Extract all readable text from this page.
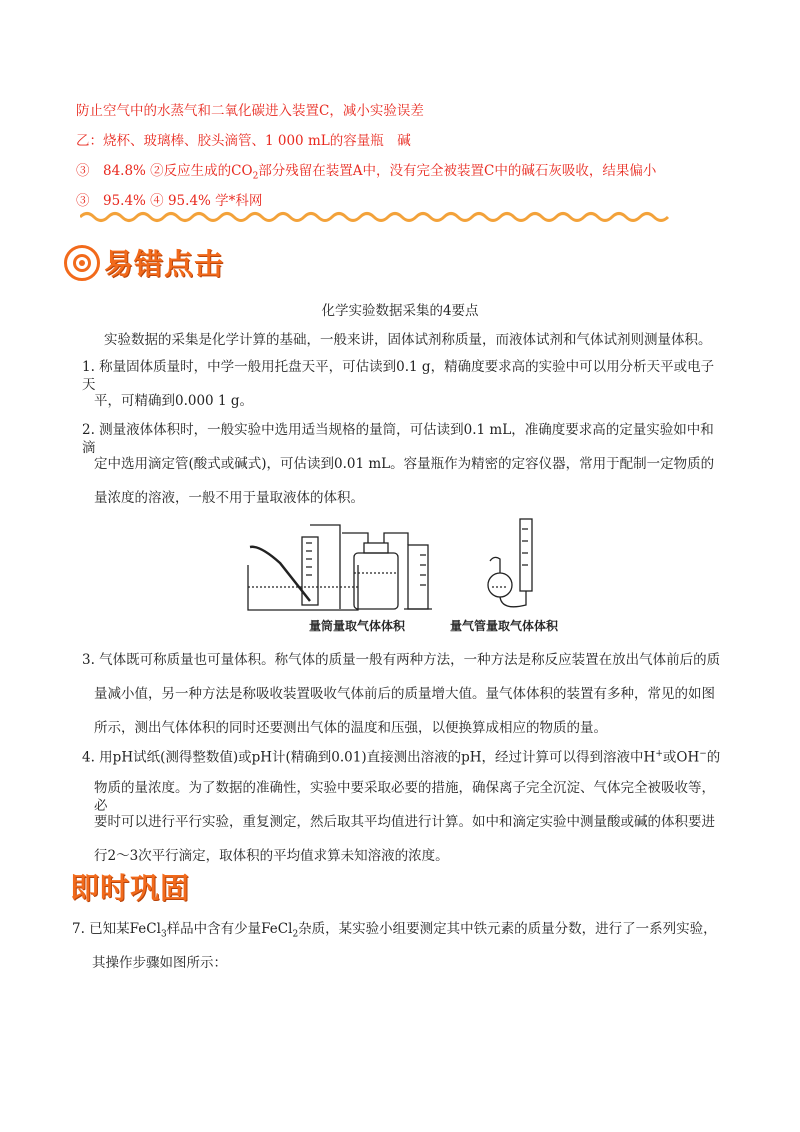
防止空气中的水蒸气和二氧化碳进入装置C，减小实验误差
乙：烧杯、玻璃棒、胶头滴管、1 000 mL的容量瓶　碱
③　84.8% ②反应生成的$CO_2$部分残留在装置A中，没有完全被装置C中的碱石灰吸收，结果偏小
③　95.4% ④ 95.4% 学*科网
易错点击
化学实验数据采集的4要点
实验数据的采集是化学计算的基础，一般来讲，固体试剂称质量，而液体试剂和气体试剂则测量体积。
1. 称量固体质量时，中学一般用托盘天平，可估读到0.1 g，精确度要求高的实验中可以用分析天平或电子天
平，可精确到0.000 1 g。
2. 测量液体体积时，一般实验中选用适当规格的量筒，可估读到0.1 mL，准确度要求高的定量实验如中和滴
定中选用滴定管(酸式或碱式)，可估读到0.01 mL。容量瓶作为精密的定容仪器，常用于配制一定物质的
量浓度的溶液，一般不用于量取液体的体积。
量筒量取气体体积	量气管量取气体体积
3. 气体既可称质量也可量体积。称气体的质量一般有两种方法，一种方法是称反应装置在放出气体前后的质
量减小值，另一种方法是称吸收装置吸收气体前后的质量增大值。量气体体积的装置有多种，常见的如图
所示，测出气体体积的同时还要测出气体的温度和压强，以便换算成相应的物质的量。
4. 用pH试纸(测得整数值)或pH计(精确到0.01)直接测出溶液的pH，经过计算可以得到溶液中H+或OH−的
物质的量浓度。为了数据的准确性，实验中要采取必要的措施，确保离子完全沉淀、气体完全被吸收等，必
要时可以进行平行实验，重复测定，然后取其平均值进行计算。如中和滴定实验中测量酸或碱的体积要进
行2～3次平行滴定，取体积的平均值求算未知溶液的浓度。
即时巩固
7. 已知某FeCl$_3$样品中含有少量FeCl$_2$杂质，某实验小组要测定其中铁元素的质量分数，进行了一系列实验，
其操作步骤如图所示：
